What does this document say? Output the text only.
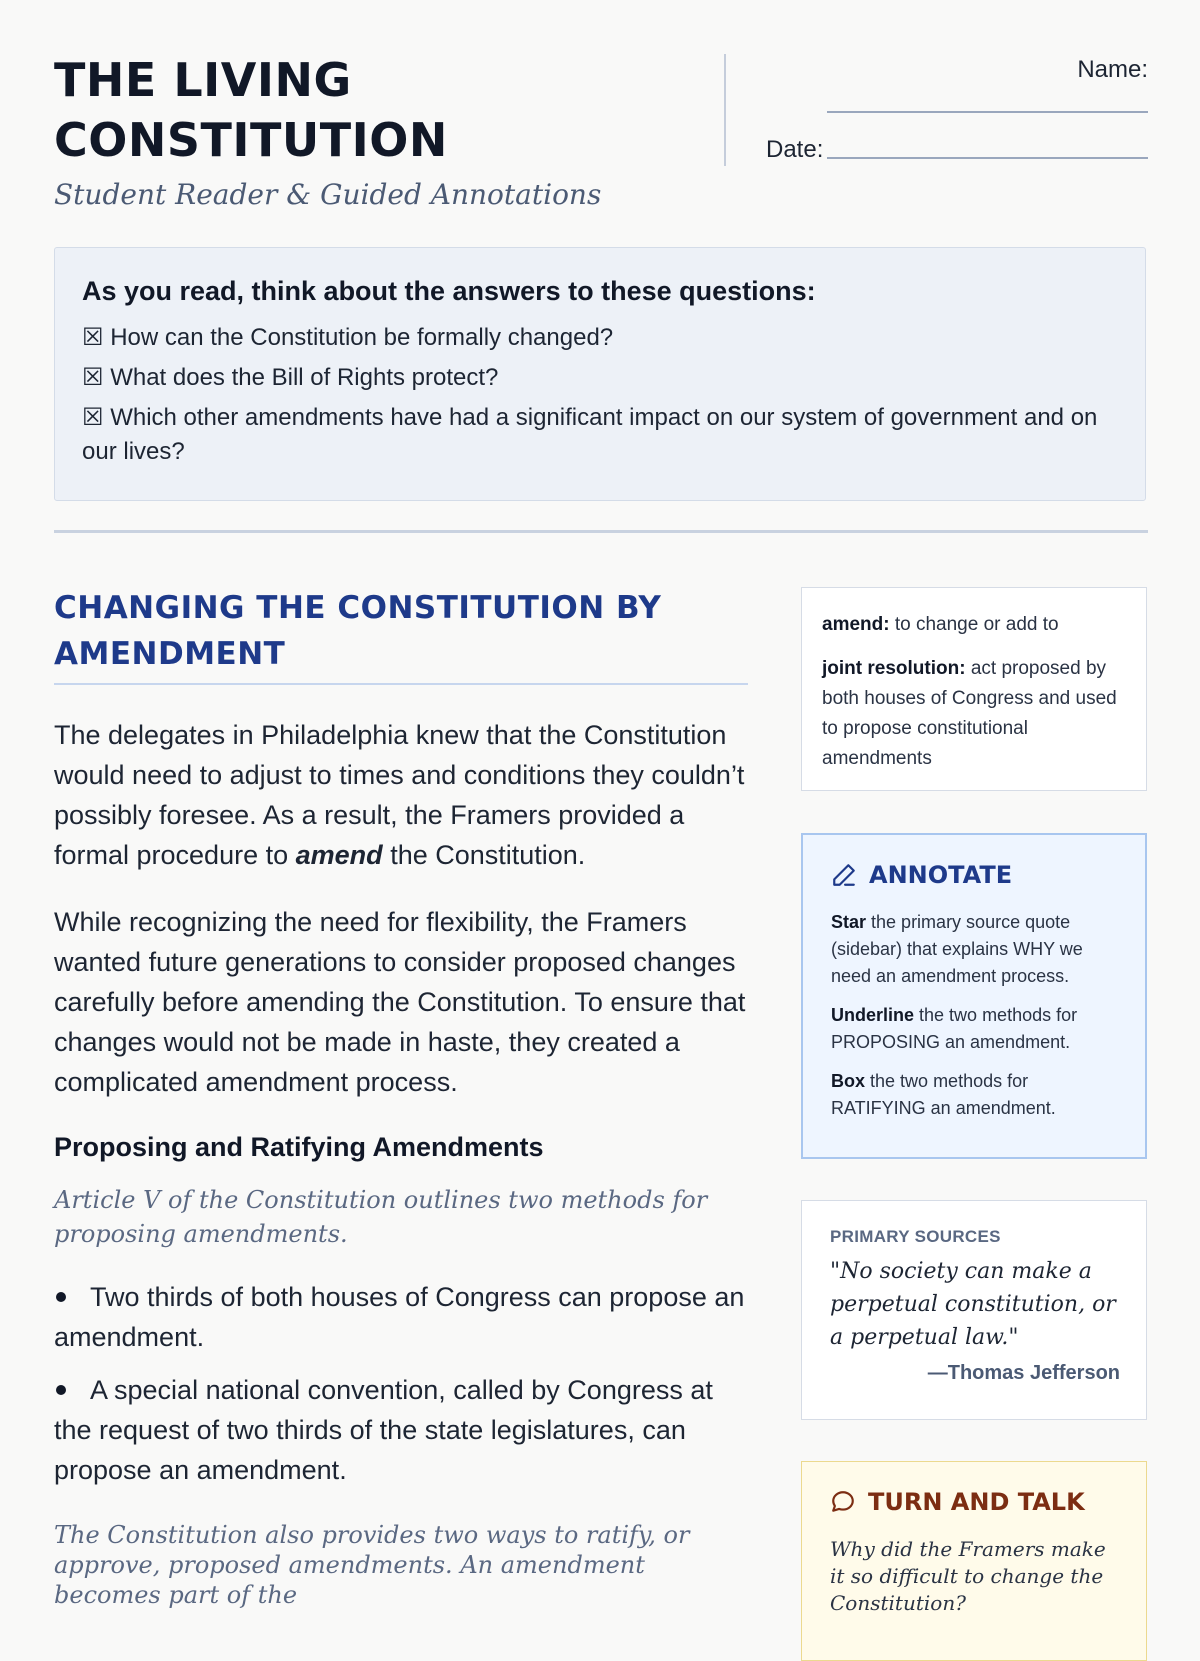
THE LIVING
CONSTITUTION
Student Reader & Guided Annotations
Name:
Date:
As you read, think about the answers to these questions:
☒ How can the Constitution be formally changed?
☒ What does the Bill of Rights protect?
☒ Which other amendments have had a significant impact on our system of government and on our lives?
CHANGING THE CONSTITUTION BY AMENDMENT

The delegates in Philadelphia knew that the Constitution would need to adjust to times and conditions they couldn’t possibly foresee. As a result, the Framers provided a formal procedure to amend the Constitution.

While recognizing the need for flexibility, the Framers wanted future generations to consider proposed changes carefully before amending the Constitution. To ensure that changes would not be made in haste, they created a complicated amendment process.

Proposing and Ratifying Amendments
Article V of the Constitution outlines two methods for proposing amendments.
Two thirds of both houses of Congress can propose an amendment.
A special national convention, called by Congress at the request of two thirds of the state legislatures, can propose an amendment.
The Constitution also provides two ways to ratify, or approve, proposed amendments. An amendment becomes part of the

amend: to change or add to

joint resolution: act proposed by both houses of Congress and used to propose constitutional amendments

ANNOTATE

Star the primary source quote (sidebar) that explains WHY we need an amendment process.

Underline the two methods for PROPOSING an amendment.

Box the two methods for RATIFYING an amendment.

PRIMARY SOURCES
"No society can make a perpetual constitution, or a perpetual law."
—Thomas Jefferson
TURN AND TALK

Why did the Framers make it so difficult to change the Constitution?
